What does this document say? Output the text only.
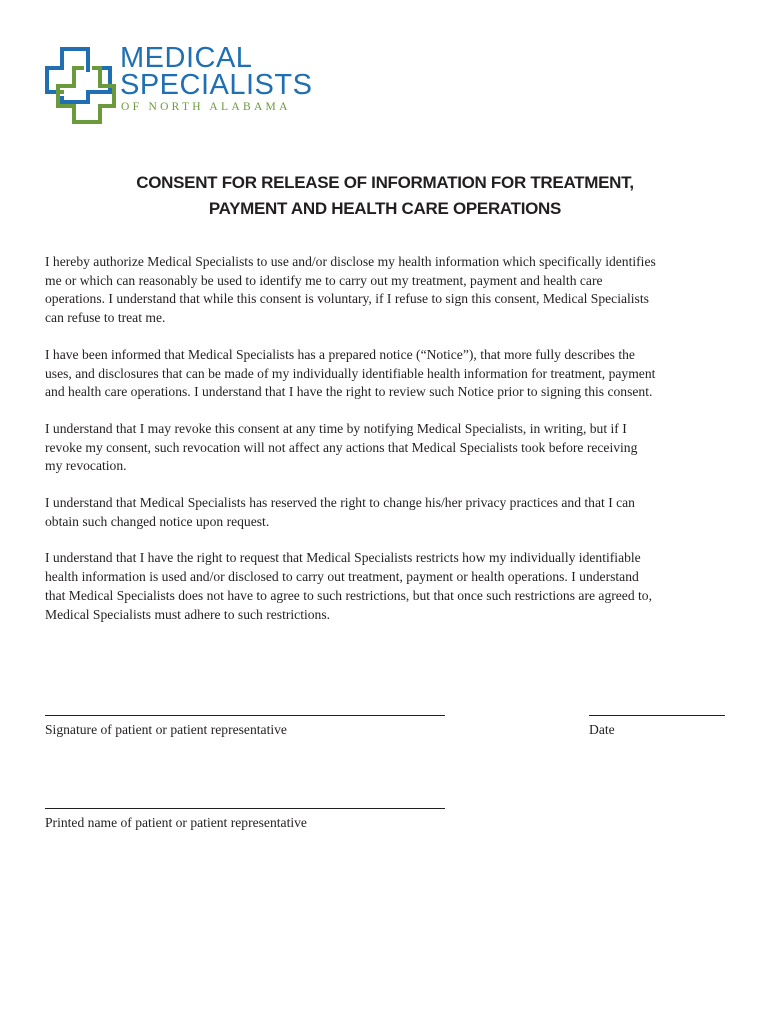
MEDICAL
SPECIALISTS
OF NORTH ALABAMA
CONSENT FOR RELEASE OF INFORMATION FOR TREATMENT,
PAYMENT AND HEALTH CARE OPERATIONS

I hereby authorize Medical Specialists to use and/or disclose my health information which specifically identifies
me or which can reasonably be used to identify me to carry out my treatment, payment and health care
operations. I understand that while this consent is voluntary, if I refuse to sign this consent, Medical Specialists
can refuse to treat me.

I have been informed that Medical Specialists has a prepared notice (“Notice”), that more fully describes the
uses, and disclosures that can be made of my individually identifiable health information for treatment, payment
and health care operations. I understand that I have the right to review such Notice prior to signing this consent.

I understand that I may revoke this consent at any time by notifying Medical Specialists, in writing, but if I
revoke my consent, such revocation will not affect any actions that Medical Specialists took before receiving
my revocation.

I understand that Medical Specialists has reserved the right to change his/her privacy practices and that I can
obtain such changed notice upon request.

I understand that I have the right to request that Medical Specialists restricts how my individually identifiable
health information is used and/or disclosed to carry out treatment, payment or health operations. I understand
that Medical Specialists does not have to agree to such restrictions, but that once such restrictions are agreed to,
Medical Specialists must adhere to such restrictions.

Signature of patient or patient representative	Date
Printed name of patient or patient representative
